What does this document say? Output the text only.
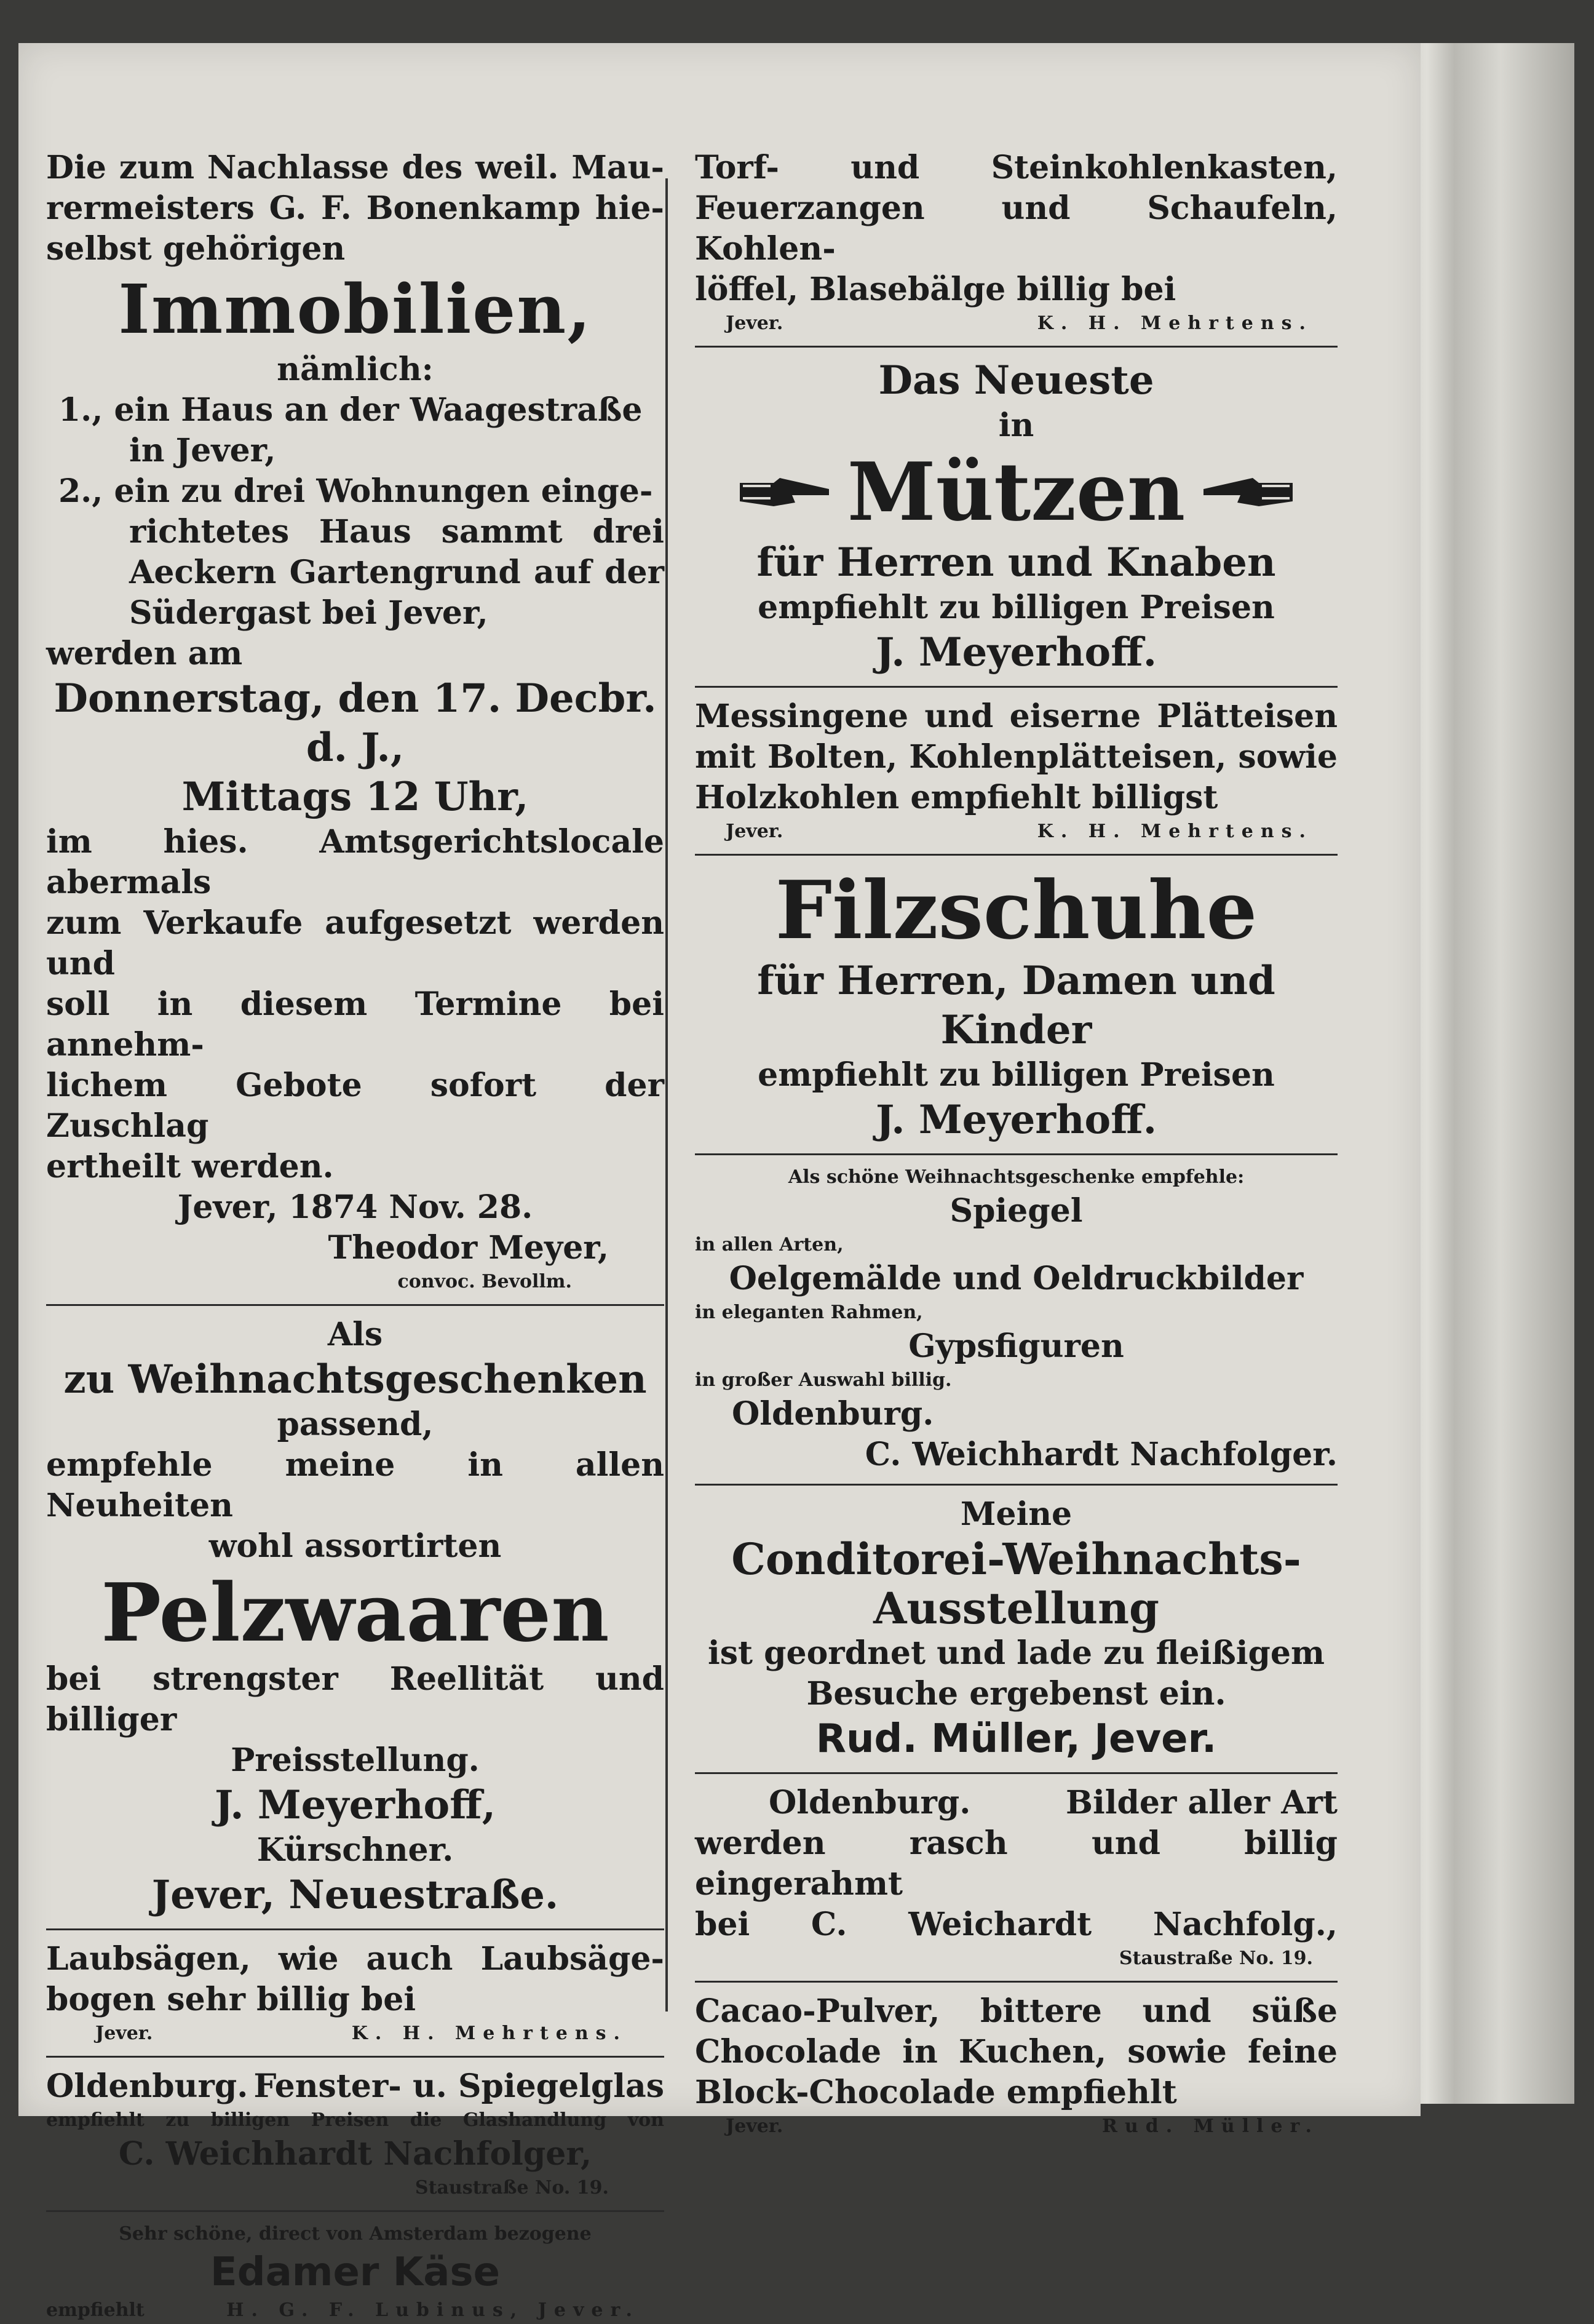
Die zum Nachlasse des weil. Mau-

rermeisters G. F. Bonenkamp hie-

selbst gehörigen

Immobilien,

nämlich:

1., ein Haus an der Waagestraße

in Jever,

2., ein zu drei Wohnungen einge-

richtetes Haus sammt drei

Aeckern Gartengrund auf der

Südergast bei Jever,

werden am

Donnerstag, den 17. Decbr. d. J.,

Mittags 12 Uhr,

im hies. Amtsgerichtslocale abermals

zum Verkaufe aufgesetzt werden und

soll in diesem Termine bei annehm-

lichem Gebote sofort der Zuschlag

ertheilt werden.

Jever, 1874 Nov. 28.

Theodor Meyer,

convoc. Bevollm.

Als

zu Weihnachtsgeschenken

passend,

empfehle meine in allen Neuheiten

wohl assortirten

Pelzwaaren

bei strengster Reellität und billiger

Preisstellung.

J. Meyerhoff,

Kürschner.

Jever, Neuestraße.

Laubsägen, wie auch Laubsäge-

bogen sehr billig bei

Jever.	K. H. Mehrtens.
Oldenburg. Fenster- u. Spiegelglas

empfiehlt zu billigen Preisen die Glashandlung von

C. Weichhardt Nachfolger,

Staustraße No. 19.

Sehr schöne, direct von Amsterdam bezogene

Edamer Käse

empfiehlt	H. G. F. Lubinus, Jever.

Torf- und Steinkohlenkasten,

Feuerzangen und Schaufeln, Kohlen-

löffel, Blasebälge billig bei

Jever.	K. H. Mehrtens.

Das Neueste

in

Mützen

für Herren und Knaben

empfiehlt zu billigen Preisen

J. Meyerhoff.

Messingene und eiserne Plätteisen

mit Bolten, Kohlenplätteisen, sowie

Holzkohlen empfiehlt billigst

Jever.	K. H. Mehrtens.

Filzschuhe

für Herren, Damen und

Kinder

empfiehlt zu billigen Preisen

J. Meyerhoff.

Als schöne Weihnachtsgeschenke empfehle:

Spiegel

in allen Arten,

Oelgemälde und Oeldruckbilder

in eleganten Rahmen,

Gypsfiguren

in großer Auswahl billig.

Oldenburg.

C. Weichhardt Nachfolger.

Meine

Conditorei-Weihnachts-

Ausstellung

ist geordnet und lade zu fleißigem

Besuche ergebenst ein.

Rud. Müller, Jever.

Oldenburg.	Bilder aller Art

werden rasch und billig eingerahmt

bei C. Weichardt Nachfolg.,

Staustraße No. 19.

Cacao-Pulver, bittere und süße

Chocolade in Kuchen, sowie feine

Block-Chocolade empfiehlt

Jever.	Rud. Müller.
